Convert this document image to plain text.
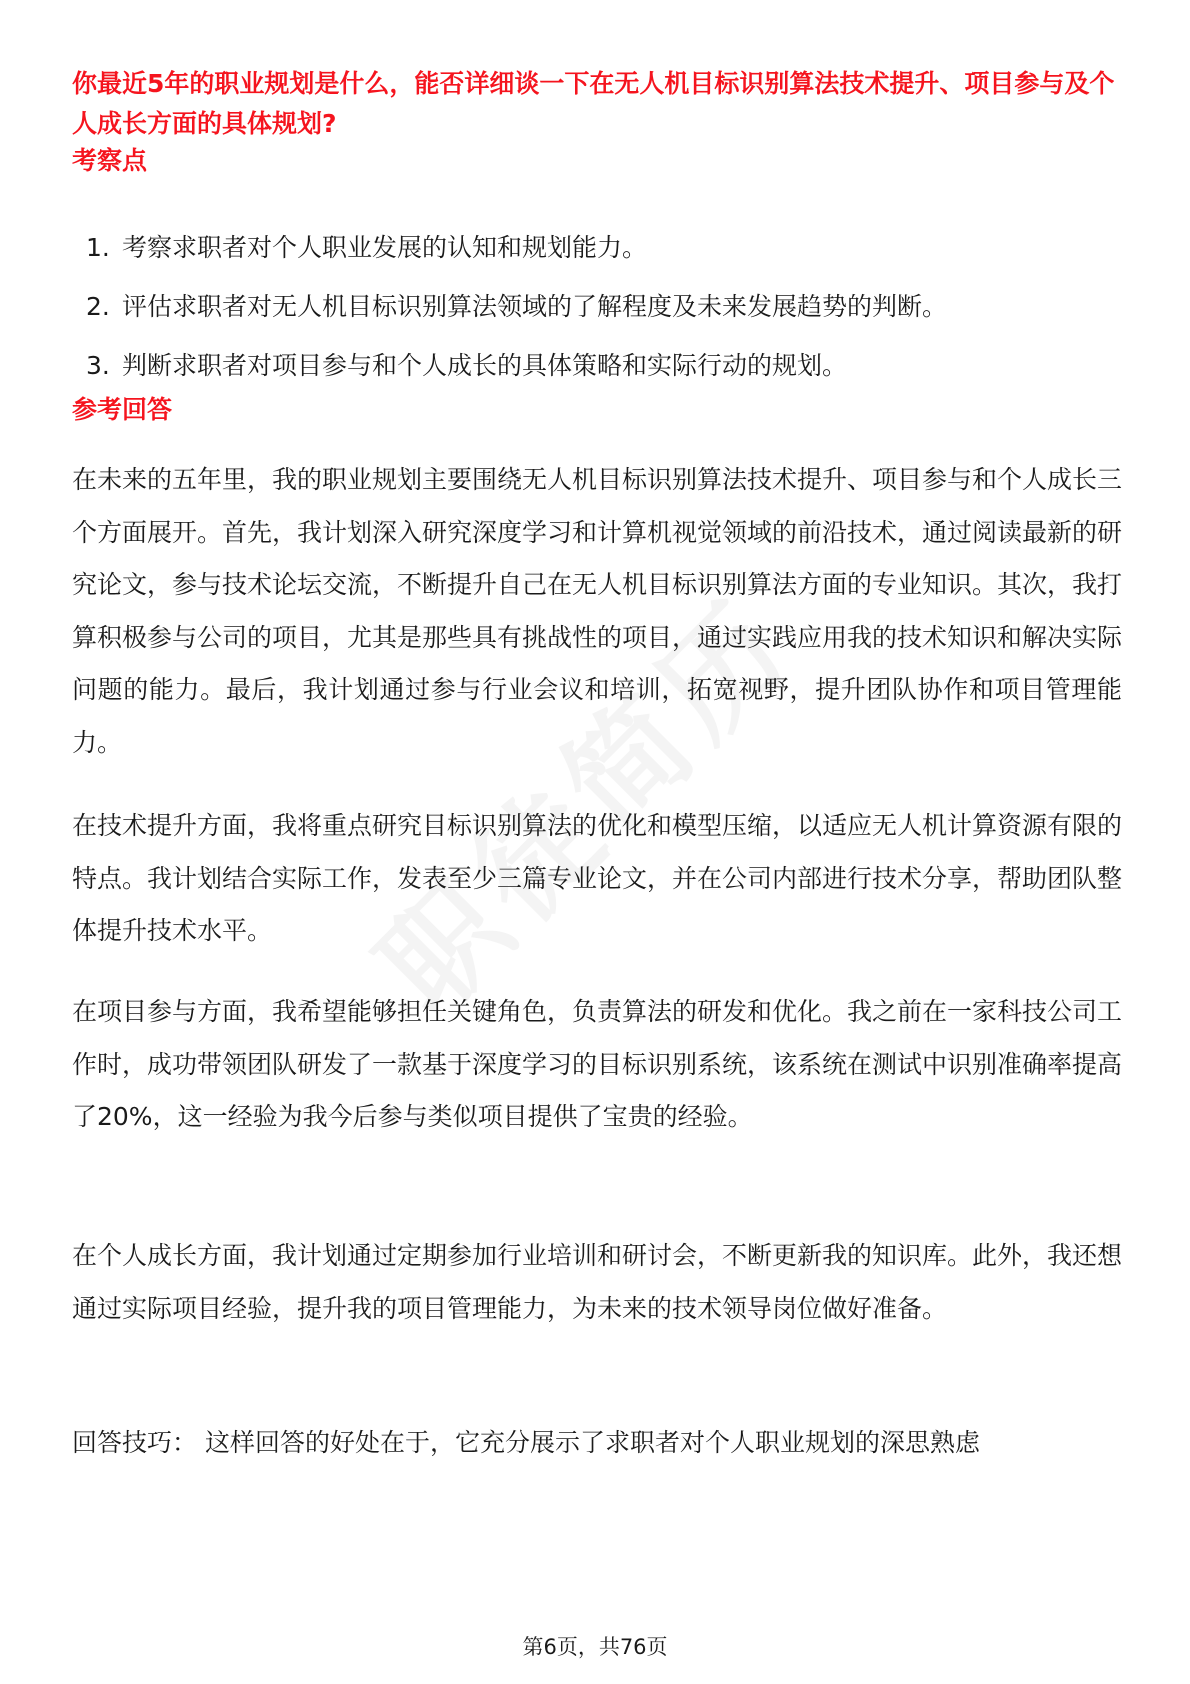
你最近5年的职业规划是什么，能否详细谈一下在无人机目标识别算法技术提升、项目参与及个人成长方面的具体规划?
考察点
1. 考察求职者对个人职业发展的认知和规划能力。
2. 评估求职者对无人机目标识别算法领域的了解程度及未来发展趋势的判断。
3. 判断求职者对项目参与和个人成长的具体策略和实际行动的规划。
参考回答

在未来的五年里，我的职业规划主要围绕无人机目标识别算法技术提升、项目参与和个人成长三个方面展开。首先，我计划深入研究深度学习和计算机视觉领域的前沿技术，通过阅读最新的研究论文，参与技术论坛交流，不断提升自己在无人机目标识别算法方面的专业知识。其次，我打算积极参与公司的项目，尤其是那些具有挑战性的项目，通过实践应用我的技术知识和解决实际问题的能力。最后，我计划通过参与行业会议和培训，拓宽视野，提升团队协作和项目管理能力。

在技术提升方面，我将重点研究目标识别算法的优化和模型压缩，以适应无人机计算资源有限的特点。我计划结合实际工作，发表至少三篇专业论文，并在公司内部进行技术分享，帮助团队整体提升技术水平。

在项目参与方面，我希望能够担任关键角色，负责算法的研发和优化。我之前在一家科技公司工作时，成功带领团队研发了一款基于深度学习的目标识别系统，该系统在测试中识别准确率提高了20%，这一经验为我今后参与类似项目提供了宝贵的经验。

在个人成长方面，我计划通过定期参加行业培训和研讨会，不断更新我的知识库。此外，我还想通过实际项目经验，提升我的项目管理能力，为未来的技术领导岗位做好准备。

回答技巧： 这样回答的好处在于，它充分展示了求职者对个人职业规划的深思熟虑

第6页，共76页
